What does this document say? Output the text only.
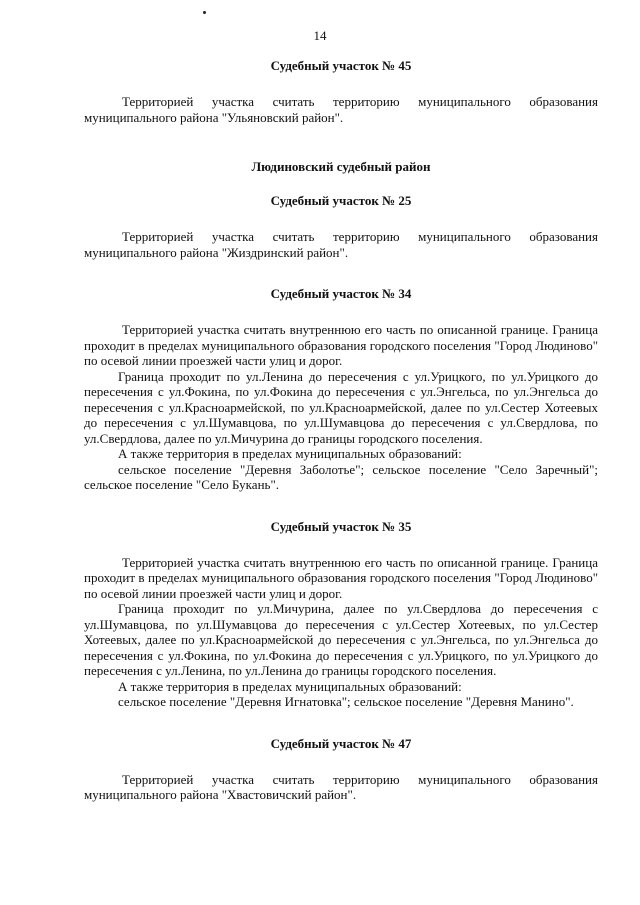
14

Судебный участок № 45

Территорией участка считать территорию муниципального образования муниципального района "Ульяновский район".

Людиновский судебный район

Судебный участок № 25

Территорией участка считать территорию муниципального образования муниципального района "Жиздринский район".

Судебный участок № 34

Территорией участка считать внутреннюю его часть по описанной границе. Граница проходит в пределах муниципального образования городского поселения "Город Людиново" по осевой линии проезжей части улиц и дорог.

Граница проходит по ул.Ленина до пересечения с ул.Урицкого, по ул.Урицкого до пересечения с ул.Фокина, по ул.Фокина до пересечения с ул.Энгельса, по ул.Энгельса до пересечения с ул.Красноармейской, по ул.Красноармейской, далее по ул.Сестер Хотеевых до пересечения с ул.Шумавцова, по ул.Шумавцова до пересечения с ул.Свердлова, по ул.Свердлова, далее по ул.Мичурина до границы городского поселения.

А также территория в пределах муниципальных образований:

сельское поселение "Деревня Заболотье"; сельское поселение "Село Заречный"; сельское поселение "Село Букань".

Судебный участок № 35

Территорией участка считать внутреннюю его часть по описанной границе. Граница проходит в пределах муниципального образования городского поселения "Город Людиново" по осевой линии проезжей части улиц и дорог.

Граница проходит по ул.Мичурина, далее по ул.Свердлова до пересечения с ул.Шумавцова, по ул.Шумавцова до пересечения с ул.Сестер Хотеевых, по ул.Сестер Хотеевых, далее по ул.Красноармейской до пересечения с ул.Энгельса, по ул.Энгельса до пересечения с ул.Фокина, по ул.Фокина до пересечения с ул.Урицкого, по ул.Урицкого до пересечения с ул.Ленина, по ул.Ленина до границы городского поселения.

А также территория в пределах муниципальных образований:

сельское поселение "Деревня Игнатовка"; сельское поселение "Деревня Манино".

Судебный участок № 47

Территорией участка считать территорию муниципального образования муниципального района "Хвастовичский район".
